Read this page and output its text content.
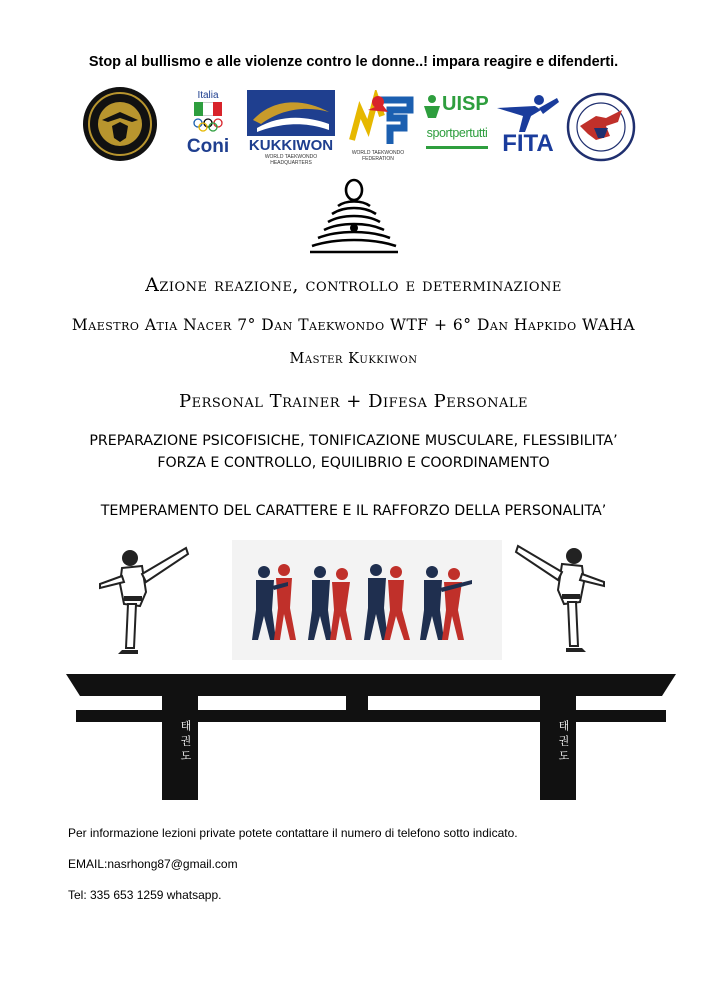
Stop al bullismo e alle violenze contro le donne..! impara reagire e difenderti.
Italia
Coni	KUKKIWON
WORLD TAEKWONDO HEADQUARTERS
WORLD TAEKWONDO FEDERATION
UISP
sportpertutti FITA
Azione reazione, controllo e determinazione
Maestro Atia Nacer 7° Dan Taekwondo WTF + 6° Dan Hapkido WAHA
Master Kukkiwon
Personal Trainer + Difesa Personale
PREPARAZIONE PSICOFISICHE, TONIFICAZIONE MUSCULARE, FLESSIBILITA’
FORZA E CONTROLLO, EQUILIBRIO E COORDINAMENTO
TEMPERAMENTO DEL CARATTERE E IL RAFFORZO DELLA PERSONALITA’
태권도	태권도
Per informazione lezioni private potete contattare il numero di telefono sotto indicato.
EMAIL:nasrhong87@gmail.com
Tel: 335 653 1259 whatsapp.
